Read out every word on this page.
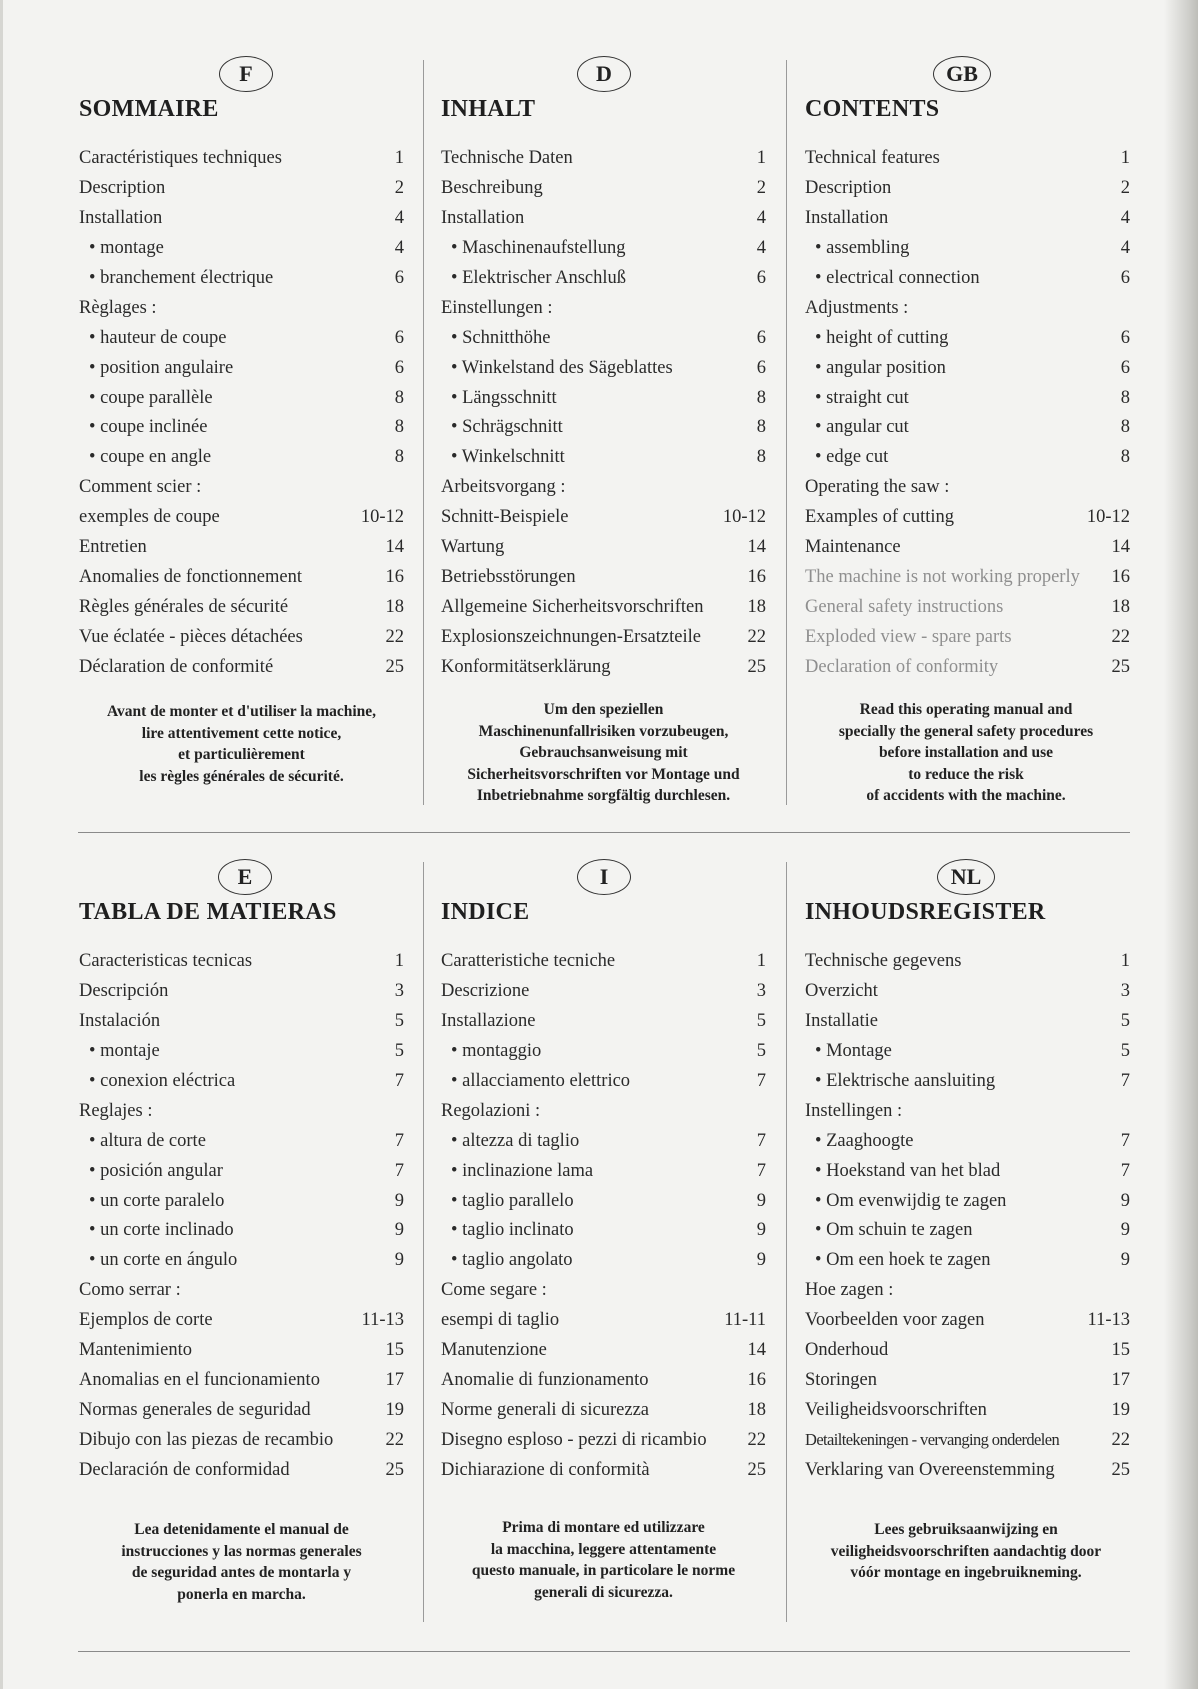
F
SOMMAIRE
Caractéristiques techniques	1
Description	2
Installation	4
• montage	4
• branchement électrique	6
Règlages :
• hauteur de coupe	6
• position angulaire	6
• coupe parallèle	8
• coupe inclinée	8
• coupe en angle	8
Comment scier :
exemples de coupe	10-12
Entretien	14
Anomalies de fonctionnement	16
Règles générales de sécurité	18
Vue éclatée - pièces détachées	22
Déclaration de conformité	25
Avant de monter et d'utiliser la machine,
lire attentivement cette notice,
et particulièrement
les règles générales de sécurité.
D
INHALT
Technische Daten	1
Beschreibung	2
Installation	4
• Maschinenaufstellung	4
• Elektrischer Anschluß	6
Einstellungen :
• Schnitthöhe	6
• Winkelstand des Sägeblattes	6
• Längsschnitt	8
• Schrägschnitt	8
• Winkelschnitt	8
Arbeitsvorgang :
Schnitt-Beispiele	10-12
Wartung	14
Betriebsstörungen	16
Allgemeine Sicherheitsvorschriften 18
Explosionszeichnungen-Ersatzteile	22
Konformitätserklärung	25
Um den speziellen
Maschinenunfallrisiken vorzubeugen,
Gebrauchsanweisung mit
Sicherheitsvorschriften vor Montage und
Inbetriebnahme sorgfältig durchlesen.
GB
CONTENTS
Technical features	1
Description	2
Installation	4
• assembling	4
• electrical connection	6
Adjustments :
• height of cutting	6
• angular position	6
• straight cut	8
• angular cut	8
• edge cut	8
Operating the saw :
Examples of cutting	10-12
Maintenance	14
The machine is not working properly 16
General safety instructions	18
Exploded view - spare parts	22
Declaration of conformity	25
Read this operating manual and
specially the general safety procedures
before installation and use
to reduce the risk
of accidents with the machine.
E
TABLA DE MATIERAS
Caracteristicas tecnicas	1
Descripción	3
Instalación	5
• montaje	5
• conexion eléctrica	7
Reglajes :
• altura de corte	7
• posición angular	7
• un corte paralelo	9
• un corte inclinado	9
• un corte en ángulo	9
Como serrar :
Ejemplos de corte	11-13
Mantenimiento	15
Anomalias en el funcionamiento	17
Normas generales de seguridad	19
Dibujo con las piezas de recambio	22
Declaración de conformidad	25
Lea detenidamente el manual de
instrucciones y las normas generales
de seguridad antes de montarla y
ponerla en marcha.
I
INDICE
Caratteristiche tecniche	1
Descrizione	3
Installazione	5
• montaggio	5
• allacciamento elettrico	7
Regolazioni :
• altezza di taglio	7
• inclinazione lama	7
• taglio parallelo	9
• taglio inclinato	9
• taglio angolato	9
Come segare :
esempi di taglio	11-11
Manutenzione	14
Anomalie di funzionamento	16
Norme generali di sicurezza	18
Disegno esploso - pezzi di ricambio 22
Dichiarazione di conformità	25
Prima di montare ed utilizzare
la macchina, leggere attentamente
questo manuale, in particolare le norme
generali di sicurezza.
NL
INHOUDSREGISTER
Technische gegevens	1
Overzicht	3
Installatie	5
• Montage	5
• Elektrische aansluiting	7
Instellingen :
• Zaaghoogte	7
• Hoekstand van het blad	7
• Om evenwijdig te zagen	9
• Om schuin te zagen	9
• Om een hoek te zagen	9
Hoe zagen :
Voorbeelden voor zagen	11-13
Onderhoud	15
Storingen	17
Veiligheidsvoorschriften	19
Detailtekeningen - vervanging onderdelen	22
Verklaring van Overeenstemming	25
Lees gebruiksaanwijzing en
veiligheidsvoorschriften aandachtig door
vóór montage en ingebruikneming.
